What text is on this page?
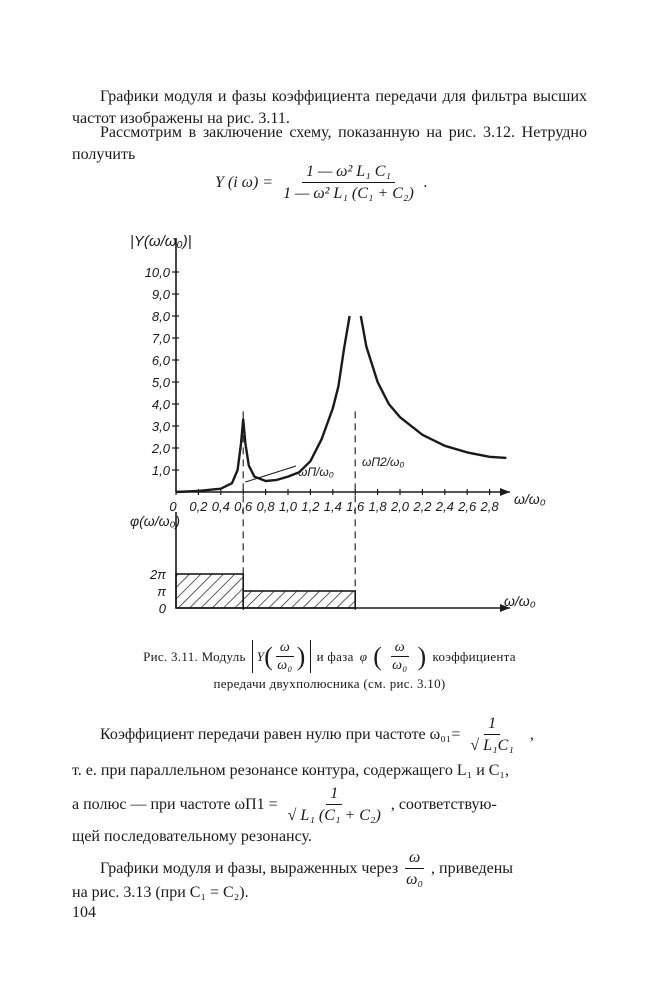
Графики модуля и фазы коэффициента передачи для фильтра высших частот изображены на рис. 3.11.
Рассмотрим в заключение схему, показанную на рис. 3.12. Нетрудно получить
Y (i $\omega) = \frac{\text{1 — ω² L₁ C₁}}{\text{1 — ω² L₁ (C₁ + C₂)}}$ .
1,0
2,0
3,0
4,0
5,0
6,0
7,0
8,0
9,0
10,0
0 0,2 0,4 0,6 0,8 1,0 1,2 1,4 1,6 1,8 2,0 2,2 2,4 2,6 2,8
|Y(ω/ω₀)|
ω/ω₀
ωП/ω₀
ωП2/ω₀
2π
π
0
φ(ω/ω₀)
ω/ω₀
Рис. 3.11. Модуль Y ( $\frac{\omega}{\text{ω₀}}$ ) и фаза φ ( $\frac{\omega}{\text{ω₀}}$ ) коэффициента
передачи двухполюсника (см. рис. 3.10)
Коэффициент передачи равен нулю при частоте $\omega_{01}= \frac{1}{\text{√ L₁C₁}}$ ,
т. е. при параллельном резонансе контура, содержащего L₁ и C₁,
а полюс — при частоте $\omega П1 = \frac{1}{\text{√ L₁ (C₁ + C₂)}}$ , соответствую-
щей последовательному резонансу.
Графики модуля и фазы, выраженных через $\frac{\omega}{\text{ω₀}}$ , приведены
на рис. 3.13 (при C₁ = C₂).
104
